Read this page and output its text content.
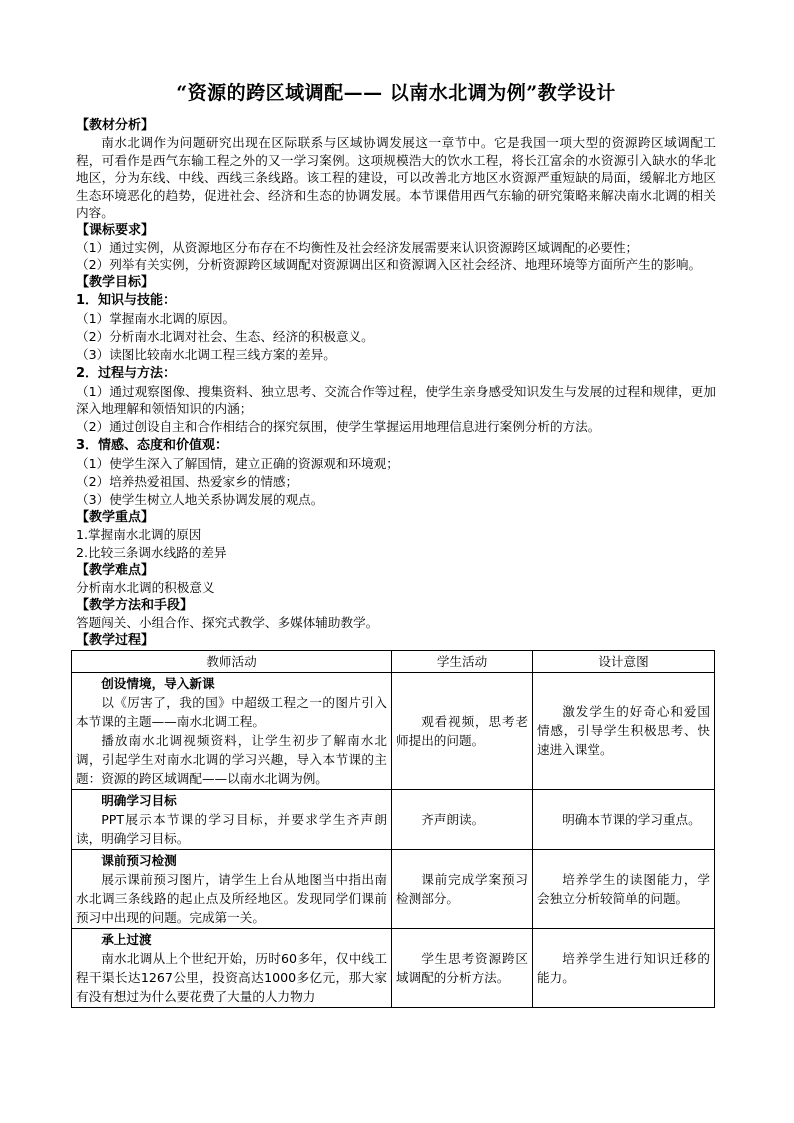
“资源的跨区域调配—— 以南水北调为例”教学设计
【教材分析】
南水北调作为问题研究出现在区际联系与区域协调发展这一章节中。它是我国一项大型的资源跨区域调配工程，可看作是西气东输工程之外的又一学习案例。这项规模浩大的饮水工程，将长江富余的水资源引入缺水的华北地区，分为东线、中线、西线三条线路。该工程的建设，可以改善北方地区水资源严重短缺的局面，缓解北方地区生态环境恶化的趋势，促进社会、经济和生态的协调发展。本节课借用西气东输的研究策略来解决南水北调的相关内容。
【课标要求】
（1）通过实例，从资源地区分布存在不均衡性及社会经济发展需要来认识资源跨区域调配的必要性；
（2）列举有关实例，分析资源跨区域调配对资源调出区和资源调入区社会经济、地理环境等方面所产生的影响。
【教学目标】
1．知识与技能：
（1）掌握南水北调的原因。
（2）分析南水北调对社会、生态、经济的积极意义。
（3）读图比较南水北调工程三线方案的差异。
2．过程与方法：
（1）通过观察图像、搜集资料、独立思考、交流合作等过程，使学生亲身感受知识发生与发展的过程和规律，更加深入地理解和领悟知识的内涵；
（2）通过创设自主和合作相结合的探究氛围，使学生掌握运用地理信息进行案例分析的方法。
3．情感、态度和价值观：
（1）使学生深入了解国情，建立正确的资源观和环境观；
（2）培养热爱祖国、热爱家乡的情感；
（3）使学生树立人地关系协调发展的观点。
【教学重点】
1.掌握南水北调的原因
2.比较三条调水线路的差异
【教学难点】
分析南水北调的积极意义
【教学方法和手段】
答题闯关、小组合作、探究式教学、多媒体辅助教学。
【教学过程】
教师活动	学生活动	设计意图

创设情境，导入新课
以《厉害了，我的国》中超级工程之一的图片引入本节课的主题——南水北调工程。
播放南水北调视频资料，让学生初步了解南水北调，引起学生对南水北调的学习兴趣，导入本节课的主题：资源的跨区域调配——以南水北调为例。	观看视频，思考老师提出的问题。	激发学生的好奇心和爱国情感，引导学生积极思考、快速进入课堂。

明确学习目标
PPT展示本节课的学习目标，并要求学生齐声朗读，明确学习目标。	齐声朗读。	明确本节课的学习重点。

课前预习检测
展示课前预习图片，请学生上台从地图当中指出南水北调三条线路的起止点及所经地区。发现同学们课前预习中出现的问题。完成第一关。	课前完成学案预习检测部分。	培养学生的读图能力，学会独立分析较简单的问题。

承上过渡
南水北调从上个世纪开始，历时60多年，仅中线工程干渠长达1267公里，投资高达1000多亿元，那大家有没有想过为什么要花费了大量的人力物力	学生思考资源跨区域调配的分析方法。	培养学生进行知识迁移的能力。
